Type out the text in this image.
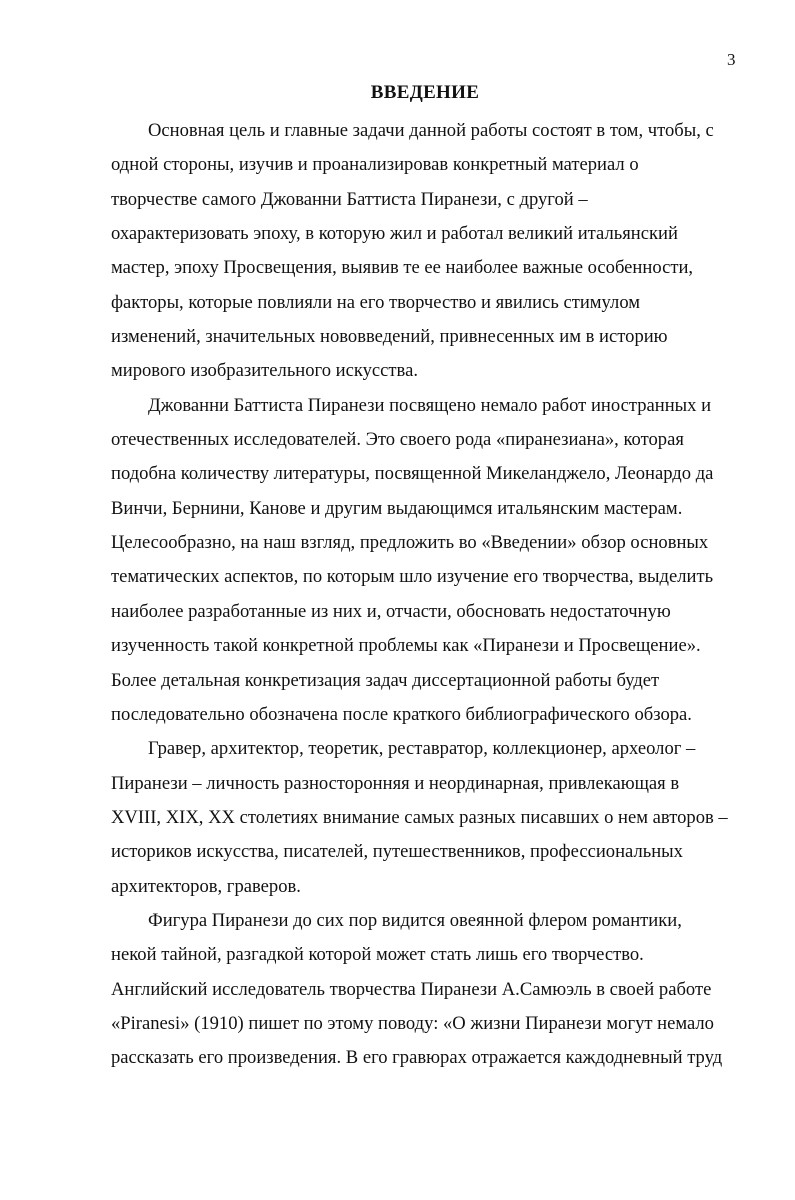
3
ВВЕДЕНИЕ
Основная цель и главные задачи данной работы состоят в том, чтобы, с
одной стороны, изучив и проанализировав конкретный материал о
творчестве самого Джованни Баттиста Пиранези, с другой –
охарактеризовать эпоху, в которую жил и работал великий итальянский
мастер, эпоху Просвещения, выявив те ее наиболее важные особенности,
факторы, которые повлияли на его творчество и явились стимулом
изменений, значительных нововведений, привнесенных им в историю
мирового изобразительного искусства.
Джованни Баттиста Пиранези посвящено немало работ иностранных и
отечественных исследователей. Это своего рода «пиранезиана», которая
подобна количеству литературы, посвященной Микеланджело, Леонардо да
Винчи, Бернини, Канове и другим выдающимся итальянским мастерам.
Целесообразно, на наш взгляд, предложить во «Введении» обзор основных
тематических аспектов, по которым шло изучение его творчества, выделить
наиболее разработанные из них и, отчасти, обосновать недостаточную
изученность такой конкретной проблемы как «Пиранези и Просвещение».
Более детальная конкретизация задач диссертационной работы будет
последовательно обозначена после краткого библиографического обзора.
Гравер, архитектор, теоретик, реставратор, коллекционер, археолог –
Пиранези – личность разносторонняя и неординарная, привлекающая в
XVIII, XIX, XX столетиях внимание самых разных писавших о нем авторов –
историков искусства, писателей, путешественников, профессиональных
архитекторов, граверов.
Фигура Пиранези до сих пор видится овеянной флером романтики,
некой тайной, разгадкой которой может стать лишь его творчество.
Английский исследователь творчества Пиранези А.Самюэль в своей работе
«Piranesi» (1910) пишет по этому поводу: «О жизни Пиранези могут немало
рассказать его произведения. В его гравюрах отражается каждодневный труд
